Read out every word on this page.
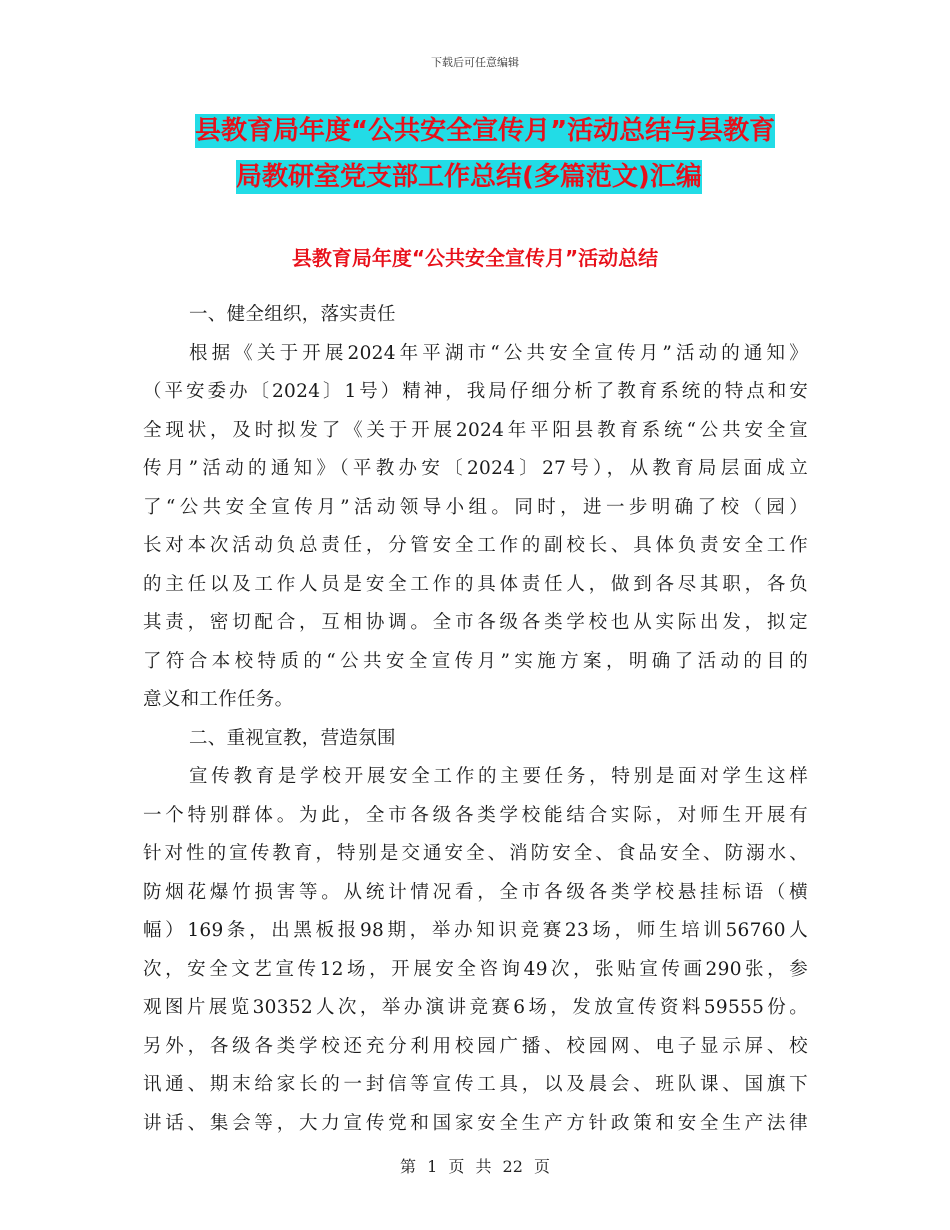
下载后可任意编辑
县教育局年度“公共安全宣传月”活动总结与县教育
局教研室党支部工作总结(多篇范文)汇编
县教育局年度“公共安全宣传月”活动总结
一、健全组织，落实责任
根据《关于开展2024年平湖市“公共安全宣传月”活动的通知》
（平安委办〔2024〕1号）精神，我局仔细分析了教育系统的特点和安
全现状，及时拟发了《关于开展2024年平阳县教育系统“公共安全宣
传月”活动的通知》（平教办安〔2024〕27号），从教育局层面成立
了“公共安全宣传月”活动领导小组。同时，进一步明确了校（园）
长对本次活动负总责任，分管安全工作的副校长、具体负责安全工作
的主任以及工作人员是安全工作的具体责任人，做到各尽其职，各负
其责，密切配合，互相协调。全市各级各类学校也从实际出发，拟定
了符合本校特质的“公共安全宣传月”实施方案，明确了活动的目的
意义和工作任务。
二、重视宣教，营造氛围
宣传教育是学校开展安全工作的主要任务，特别是面对学生这样
一个特别群体。为此，全市各级各类学校能结合实际，对师生开展有
针对性的宣传教育，特别是交通安全、消防安全、食品安全、防溺水、
防烟花爆竹损害等。从统计情况看，全市各级各类学校悬挂标语（横
幅）169条，出黑板报98期，举办知识竞赛23场，师生培训56760人
次，安全文艺宣传12场，开展安全咨询49次，张贴宣传画290张，参
观图片展览30352人次，举办演讲竞赛6场，发放宣传资料59555份。
另外，各级各类学校还充分利用校园广播、校园网、电子显示屏、校
讯通、期末给家长的一封信等宣传工具，以及晨会、班队课、国旗下
讲话、集会等，大力宣传党和国家安全生产方针政策和安全生产法律
第 1 页 共 22 页
